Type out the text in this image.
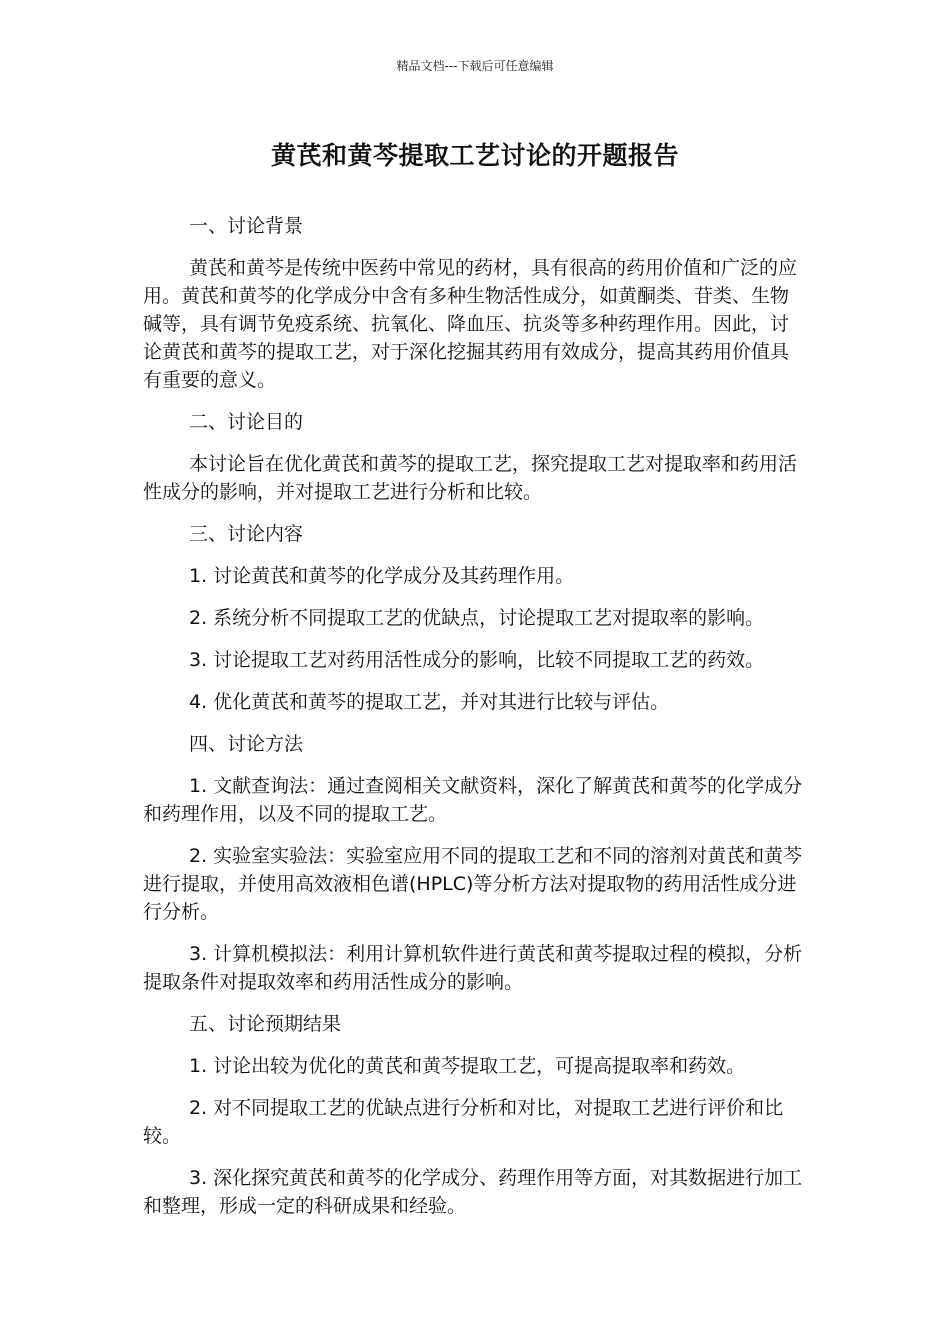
精品文档---下载后可任意编辑
黄芪和黄芩提取工艺讨论的开题报告

一、讨论背景

黄芪和黄芩是传统中医药中常见的药材，具有很高的药用价值和广泛的应用。黄芪和黄芩的化学成分中含有多种生物活性成分，如黄酮类、苷类、生物碱等，具有调节免疫系统、抗氧化、降血压、抗炎等多种药理作用。因此，讨论黄芪和黄芩的提取工艺，对于深化挖掘其药用有效成分，提高其药用价值具有重要的意义。

二、讨论目的

本讨论旨在优化黄芪和黄芩的提取工艺，探究提取工艺对提取率和药用活性成分的影响，并对提取工艺进行分析和比较。

三、讨论内容

1. 讨论黄芪和黄芩的化学成分及其药理作用。

2. 系统分析不同提取工艺的优缺点，讨论提取工艺对提取率的影响。

3. 讨论提取工艺对药用活性成分的影响，比较不同提取工艺的药效。

4. 优化黄芪和黄芩的提取工艺，并对其进行比较与评估。

四、讨论方法

1. 文献查询法：通过查阅相关文献资料，深化了解黄芪和黄芩的化学成分和药理作用，以及不同的提取工艺。

2. 实验室实验法：实验室应用不同的提取工艺和不同的溶剂对黄芪和黄芩进行提取，并使用高效液相色谱(HPLC)等分析方法对提取物的药用活性成分进行分析。

3. 计算机模拟法：利用计算机软件进行黄芪和黄芩提取过程的模拟，分析提取条件对提取效率和药用活性成分的影响。

五、讨论预期结果

1. 讨论出较为优化的黄芪和黄芩提取工艺，可提高提取率和药效。

2. 对不同提取工艺的优缺点进行分析和对比，对提取工艺进行评价和比较。

3. 深化探究黄芪和黄芩的化学成分、药理作用等方面，对其数据进行加工和整理，形成一定的科研成果和经验。
